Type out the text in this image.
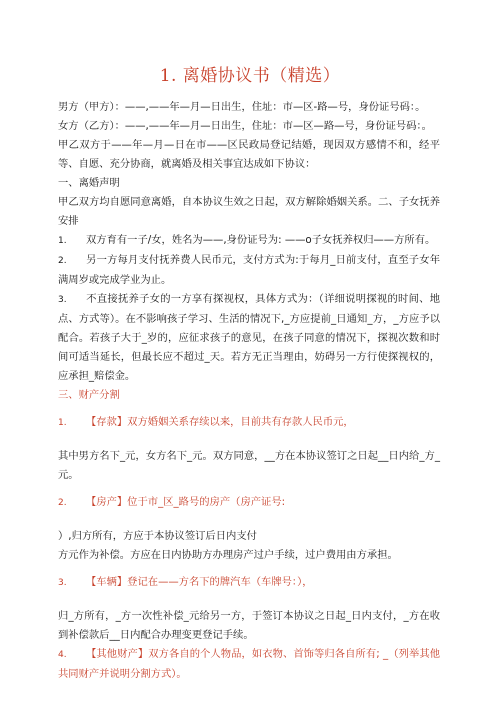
1. 离婚协议书（精选）

男方（甲方）：——,——年—月—日出生，住址：市—区-路—号，身份证号码：。

女方（乙方）：——,——年—月—日出生，住址：市—区—路—号，身份证号码：。

甲乙双方于——年—月—日在市——区民政局登记结婚，现因双方感情不和，经平等、自愿、充分协商，就离婚及相关事宜达成如下协议：

一、离婚声明

甲乙双方均自愿同意离婚，自本协议生效之日起，双方解除婚姻关系。二、子女抚养安排

1. 双方育有一子/女，姓名为——,身份证号为: ——o子女抚养权归——方所有。

2. 另一方每月支付抚养费人民币元，支付方式为:于每月_日前支付，直至子女年满周岁或完成学业为止。

3. 不直接抚养子女的一方享有探视权，具体方式为：（详细说明探视的时间、地点、方式等）。在不影响孩子学习、生活的情况下,_方应提前_日通知_方，_方应予以配合。若孩子大于_岁的，应征求孩子的意见，在孩子同意的情况下，探视次数和时间可适当延长，但最长应不超过_天。若方无正当理由，妨碍另一方行使探视权的，应承担_赔偿金。

三、财产分割

1. 【存款】双方婚姻关系存续以来，目前共有存款人民币元，

其中男方名下_元，女方名下_元。双方同意，__方在本协议签订之日起__日内给_方_元。

2. 【房产】位于市_区_路号的房产（房产证号:

）,归方所有，方应于本协议签订后日内支付

方元作为补偿。方应在日内协助方办理房产过户手续，过户费用由方承担。

3. 【车辆】登记在——方名下的牌汽车（车牌号：），

归_方所有，_方一次性补偿_元给另一方，于签订本协议之日起_日内支付，_方在收到补偿款后__日内配合办理变更登记手续。

4. 【其他财产】双方各自的个人物品，如衣物、首饰等归各自所有; _（列举其他共同财产并说明分割方式）。
